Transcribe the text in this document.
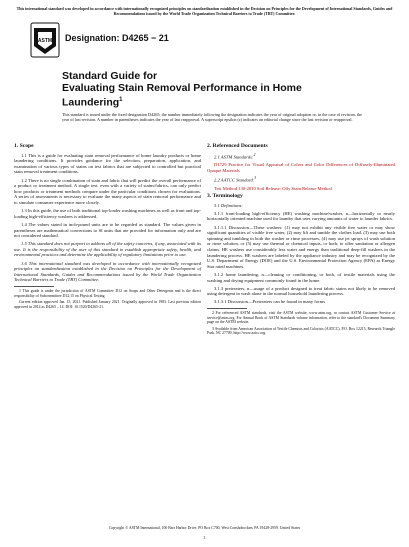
This international standard was developed in accordance with internationally recognized principles on standardization established in the Decision on Principles for the Development of International Standards, Guides and Recommendations issued by the World Trade Organization Technical Barriers to Trade (TBT) Committee.
ASTM Designation: D4265 − 21
Standard Guide for
Evaluating Stain Removal Performance in Home
Laundering$^1$
This standard is issued under the fixed designation D4265; the number immediately following the designation indicates the year of original adoption or, in the case of revision, the year of last revision. A number in parentheses indicates the year of last reapproval. A superscript epsilon (ε) indicates an editorial change since the last revision or reapproval.
1. Scope

1.1 This is a guide for evaluating stain removal performance of home laundry products or home laundering conditions. It provides guidance for the selection, preparation, application, and examination of various types of stains on test fabrics that are subjected to controlled but practical stain removal treatment conditions.

1.2 There is no single combination of stain and fabric that will predict the overall performance of a product or treatment method. A single test, even with a variety of stains/fabrics, can only predict how products or treatment methods compare under the particular conditions chosen for evaluations. A series of assessments is necessary to evaluate the many aspects of stain removal performance and to simulate consumer experience more closely.

1.3 In this guide, the use of both traditional top-loader washing machines as well as front and top-loading high-efficiency washers is addressed.

1.4 The values stated in inch-pound units are to be regarded as standard. The values given in parentheses are mathematical conversions to SI units that are provided for information only and are not considered standard.

1.5 This standard does not purport to address all of the safety concerns, if any, associated with its use. It is the responsibility of the user of this standard to establish appropriate safety, health, and environmental practices and determine the applicability of regulatory limitations prior to use.

1.6 This international standard was developed in accordance with internationally recognized principles on standardization established in the Decision on Principles for the Development of International Standards, Guides and Recommendations issued by the World Trade Organization Technical Barriers to Trade (TBT) Committee.

1 This guide is under the jurisdiction of ASTM Committee D12 on Soaps and Other Detergents and is the direct responsibility of Subcommittee D12.15 on Physical Testing.

Current edition approved Jan. 15, 2021. Published January 2021. Originally approved in 1983. Last previous edition approved in 2014 as D4265 – 14. DOI: 10.1520/D4265-21.

2. Referenced Documents

2.1 ASTM Standards:$^2$

D1729 Practice for Visual Appraisal of Colors and Color Differences of Diffusely-Illuminated Opaque Materials

2.2 AATCC Standard:$^3$

Test Method 130-2010 Soil Release: Oily Stain Release Method

3. Terminology

3.1 Definitions:

3.1.1 front-loading high-efficiency (HE) washing machine/washer, n—horizontally or nearly horizontally oriented machine used for laundry that uses varying amounts of water to launder fabrics.

3.1.1.1 Discussion—These washers: (1) may not exhibit any visible free water or may show significant quantities of visible free water, (2) may lift and tumble the clothes load, (3) may use both spinning and tumbling in both the washer or rinse processes, (4) may use jet sprays of wash solution or rinse solution, or (5) may use thermal or chemical inputs, or both, to offer sanitation or allergen claims. HE washers use considerably less water and energy than traditional deep-fill washers in the laundering process. HE washers are labeled by the appliance industry and may be recognized by the U.S. Department of Energy (DOE) and the U.S. Environmental Protection Agency (EPA) as Energy Star rated machines.

3.1.2 home laundering, n—cleaning or conditioning, or both, of textile materials using the washing and drying equipment commonly found in the home.

3.1.3 pretreaters, n—usage of a product designed to treat fabric stains not likely to be removed using detergent in wash alone in the normal household laundering process.

3.1.3.1 Discussion—Pretreaters can be found in many forms

2 For referenced ASTM standards, visit the ASTM website, www.astm.org, or contact ASTM Customer Service at service@astm.org. For Annual Book of ASTM Standards volume information, refer to the standard's Document Summary page on the ASTM website.

3 Available from American Association of Textile Chemists and Colorists (AATCC), P.O. Box 12215, Research Triangle Park, NC 27709, http://www.aatcc.org.

Copyright © ASTM International, 100 Barr Harbor Drive, PO Box C700, West Conshohocken, PA 19428-2959. United States
1
